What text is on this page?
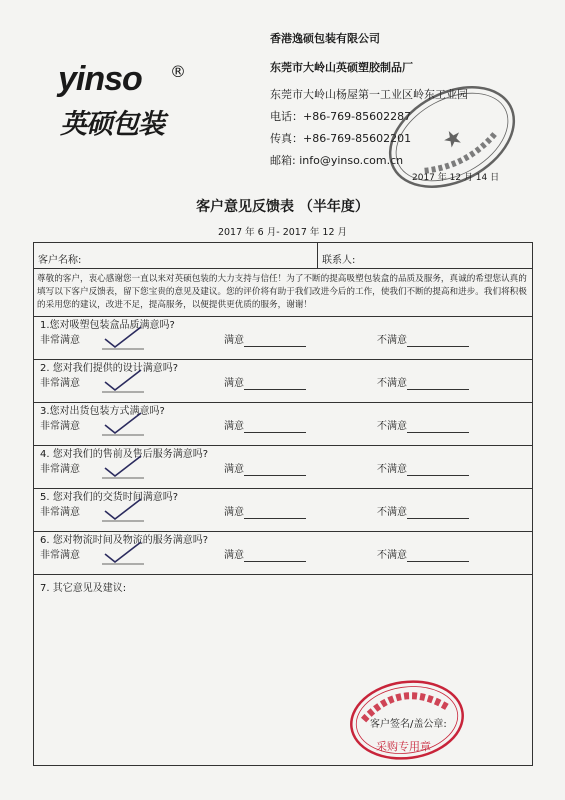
yinso ®
英硕包装
香港逸硕包装有限公司
东莞市大岭山英硕塑胶制品厂
东莞市大岭山杨屋第一工业区岭东工业园
电话：+86-769-85602287
传真：+86-769-85602201
邮箱: info@yinso.com.cn
★
2017 年 12 月 14 日
客户意见反馈表 （半年度）
2017 年 6 月- 2017 年 12 月
客户名称:	联系人:
尊敬的客户，衷心感谢您一直以来对英硕包装的大力支持与信任！为了不断的提高吸塑包装盒的品质及服务，真诚的希望您认真的填写以下客户反馈表，留下您宝贵的意见及建议。您的评价将有助于我们改进今后的工作，使我们不断的提高和进步。我们将积极的采用您的建议，改进不足，提高服务，以便提供更优质的服务，谢谢！

1.您对吸塑包装盒品质满意吗?
非常满意	满意	不满意

2. 您对我们提供的设计满意吗?
非常满意	满意	不满意

3.您对出货包装方式满意吗?
非常满意	满意	不满意

4. 您对我们的售前及售后服务满意吗?
非常满意	满意	不满意

5. 您对我们的交货时间满意吗?
非常满意	满意	不满意

6. 您对物流时间及物流的服务满意吗?
非常满意	满意	不满意

7. 其它意见及建议:
客户签名/盖公章:
采购专用章
